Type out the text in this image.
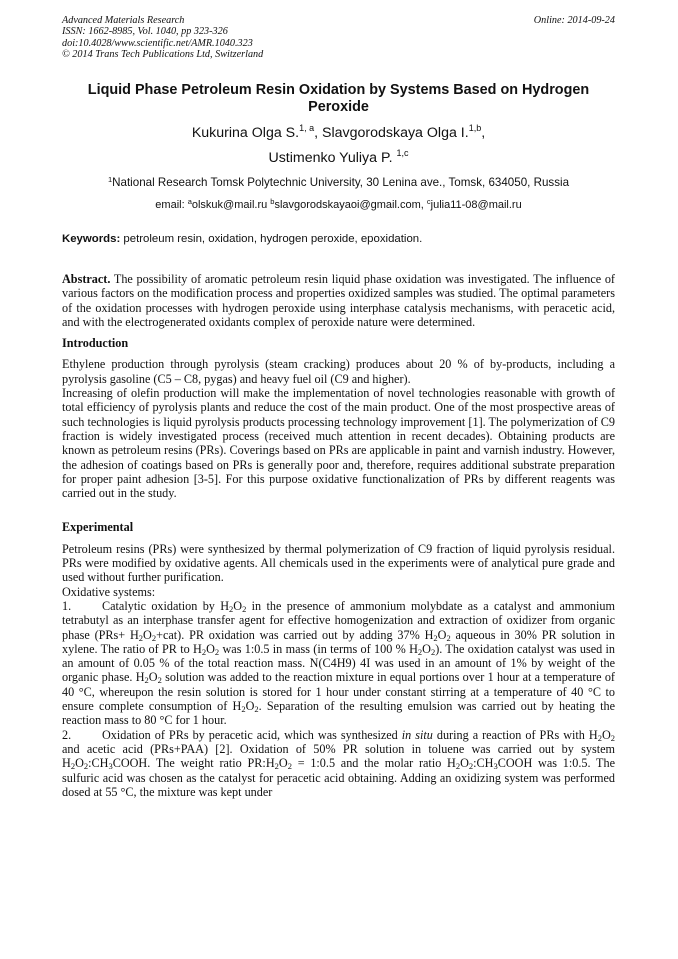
Advanced Materials Research
ISSN: 1662-8985, Vol. 1040, pp 323-326
doi:10.4028/www.scientific.net/AMR.1040.323
© 2014 Trans Tech Publications Ltd, Switzerland
Online: 2014-09-24
Liquid Phase Petroleum Resin Oxidation by Systems Based on Hydrogen Peroxide
Kukurina Olga S.$^{1, a}$, Slavgorodskaya Olga I.$^{1,b}$,
Ustimenko Yuliya P. $^{1,c}$
$^1$National Research Tomsk Polytechnic University, 30 Lenina ave., Tomsk, 634050, Russia
email: $^a$olskuk@mail.ru $^b$slavgorodskayaoi@gmail.com, $^c$julia11-08@mail.ru
Keywords: petroleum resin, oxidation, hydrogen peroxide, epoxidation.

Abstract. The possibility of aromatic petroleum resin liquid phase oxidation was investigated. The influence of various factors on the modification process and properties oxidized samples was studied. The optimal parameters of the oxidation processes with hydrogen peroxide using interphase catalysis mechanisms, with peracetic acid, and with the electrogenerated oxidants complex of peroxide nature were determined.

Introduction

Ethylene production through pyrolysis (steam cracking) produces about 20 % of by-products, including a pyrolysis gasoline (C5 – C8, pygas) and heavy fuel oil (C9 and higher).

Increasing of olefin production will make the implementation of novel technologies reasonable with growth of total efficiency of pyrolysis plants and reduce the cost of the main product. One of the most prospective areas of such technologies is liquid pyrolysis products processing technology improvement [1]. The polymerization of C9 fraction is widely investigated process (received much attention in recent decades). Obtaining products are known as petroleum resins (PRs). Coverings based on PRs are applicable in paint and varnish industry. However, the adhesion of coatings based on PRs is generally poor and, therefore, requires additional substrate preparation for proper paint adhesion [3-5]. For this purpose oxidative functionalization of PRs by different reagents was carried out in the study.

Experimental

Petroleum resins (PRs) were synthesized by thermal polymerization of C9 fraction of liquid pyrolysis residual. PRs were modified by oxidative agents. All chemicals used in the experiments were of analytical pure grade and used without further purification.

Oxidative systems:

1.	Catalytic oxidation by $H_2O_2$ in the presence of ammonium molybdate as a catalyst and ammonium tetrabutyl as an interphase transfer agent for effective homogenization and extraction of oxidizer from organic phase $(PRs+ H_2O_2+cat)$. PR oxidation was carried out by adding 37% $H_2O_2$ aqueous in 30% PR solution in xylene. The ratio of PR to $H_2O_2$ was 1:0.5 in mass (in terms of 100 % $H_2O_2$). The oxidation catalyst was used in an amount of 0.05 % of the total reaction mass. N(C4H9) 4I was used in an amount of 1% by weight of the organic phase. $H_2O_2$ solution was added to the reaction mixture in equal portions over 1 hour at a temperature of 40 °C, whereupon the resin solution is stored for 1 hour under constant stirring at a temperature of 40 °C to ensure complete consumption of $H_2O_2$. Separation of the resulting emulsion was carried out by heating the reaction mass to 80 °C for 1 hour.

2.	Oxidation of PRs by peracetic acid, which was synthesized in situ during a reaction of PRs with $H_2O_2$ and acetic acid (PRs+PAA) [2]. Oxidation of 50% PR solution in toluene was carried out by system $H_2O_2:CH_3COOH$. The weight ratio $PR:H_2O_2$ = 1:0.5 and the molar ratio $H_2O_2:CH_3COOH$ was 1:0.5. The sulfuric acid was chosen as the catalyst for peracetic acid obtaining. Adding an oxidizing system was performed dosed at 55 °C, the mixture was kept under
